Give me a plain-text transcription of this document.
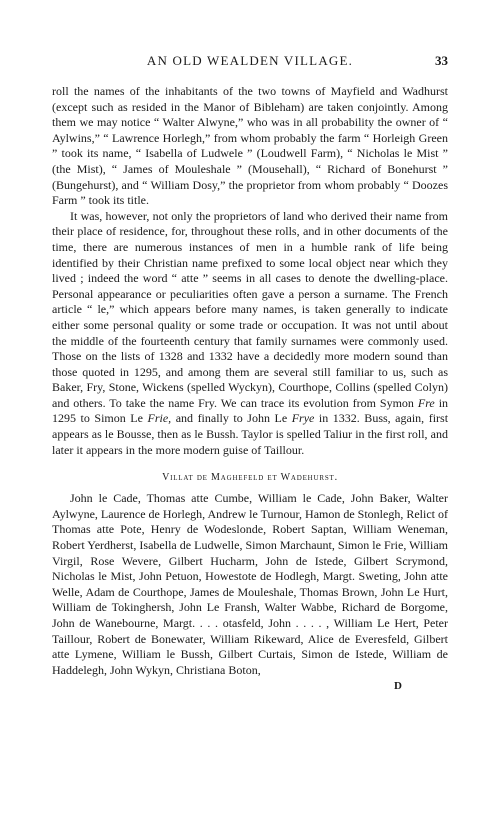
AN OLD WEALDEN VILLAGE.	33

roll the names of the inhabitants of the two towns of Mayfield and Wadhurst (except such as resided in the Manor of Bibleham) are taken conjointly. Among them we may notice “ Walter Alwyne,” who was in all probability the owner of “ Aylwins,” “ Lawrence Horlegh,” from whom probably the farm “ Horleigh Green ” took its name, “ Isabella of Ludwele ” (Loudwell Farm), “ Nicholas le Mist ” (the Mist), “ James of Mouleshale ” (Mousehall), “ Richard of Bonehurst ” (Bungehurst), and “ William Dosy,” the proprietor from whom probably “ Doozes Farm ” took its title.

It was, however, not only the proprietors of land who derived their name from their place of residence, for, throughout these rolls, and in other documents of the time, there are numerous instances of men in a humble rank of life being identified by their Christian name prefixed to some local object near which they lived ; indeed the word “ atte ” seems in all cases to denote the dwelling-place. Personal appearance or peculiarities often gave a person a surname. The French article “ le,” which appears before many names, is taken generally to indicate either some personal quality or some trade or occupation. It was not until about the middle of the fourteenth century that family surnames were commonly used. Those on the lists of 1328 and 1332 have a decidedly more modern sound than those quoted in 1295, and among them are several still familiar to us, such as Baker, Fry, Stone, Wickens (spelled Wyckyn), Courthope, Collins (spelled Colyn) and others. To take the name Fry. We can trace its evolution from Symon Fre in 1295 to Simon Le Frie, and finally to John Le Frye in 1332. Buss, again, first appears as le Bousse, then as le Bussh. Taylor is spelled Taliur in the first roll, and later it appears in the more modern guise of Taillour.

Villat de Maghefeld et Wadehurst.

John le Cade, Thomas atte Cumbe, William le Cade, John Baker, Walter Aylwyne, Laurence de Horlegh, Andrew le Turnour, Hamon de Stonlegh, Relict of Thomas atte Pote, Henry de Wodeslonde, Robert Saptan, William Weneman, Robert Yerdherst, Isabella de Ludwelle, Simon Marchaunt, Simon le Frie, William Virgil, Rose Wevere, Gilbert Hucharm, John de Istede, Gilbert Scrymond, Nicholas le Mist, John Petuon, Howestote de Hodlegh, Margt. Sweting, John atte Welle, Adam de Courthope, James de Mouleshale, Thomas Brown, John Le Hurt, William de Tokinghersh, John Le Fransh, Walter Wabbe, Richard de Borgome, John de Wanebourne, Margt. . . . otasfeld, John . . . . , William Le Hert, Peter Taillour, Robert de Bonewater, William Rikeward, Alice de Everesfeld, Gilbert atte Lymene, William le Bussh, Gilbert Curtais, Simon de Istede, William de Haddelegh, John Wykyn, Christiana Boton,

D
